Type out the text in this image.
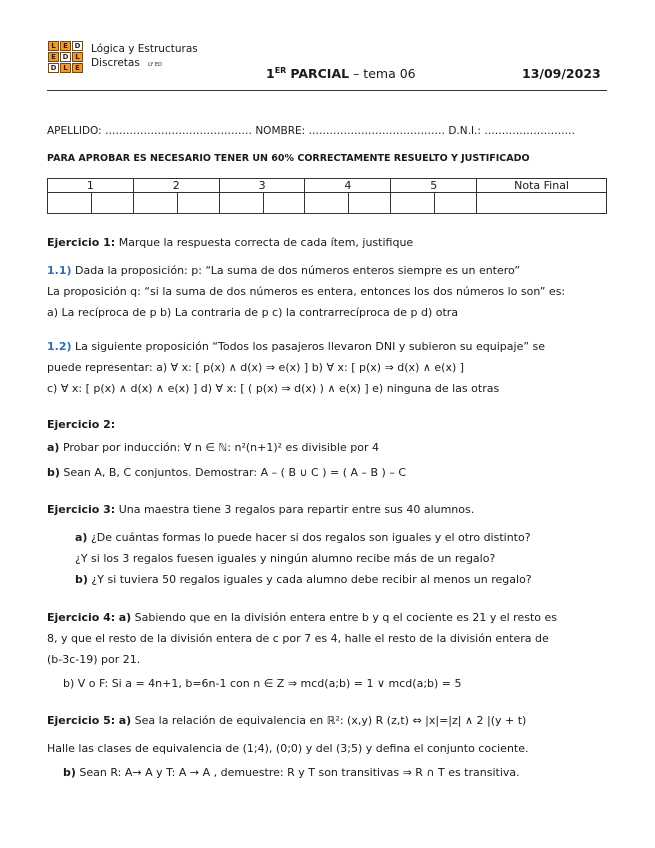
L	E D
E D L
D L	E
Lógica y Estructuras
Discretas LY ED
1ER PARCIAL – tema 06	13/09/2023
APELLIDO: …………………………………… NOMBRE: ………………………………… D.N.I.: ……………….…….
PARA APROBAR ES NECESARIO TENER UN 60% CORRECTAMENTE RESUELTO Y JUSTIFICADO
1		2		3		4		5		Nota Final

Ejercicio 1: Marque la respuesta correcta de cada ítem, justifique
1.1) Dada la proposición: p: “La suma de dos números enteros siempre es un entero”
La proposición q: “si la suma de dos números es entera, entonces los dos números lo son” es:
a) La recíproca de p b) La contraria de p c) la contrarrecíproca de p d) otra
1.2) La siguiente proposición “Todos los pasajeros llevaron DNI y subieron su equipaje” se
puede representar: a) ∀ x: [ p(x) ∧ d(x) ⇒ e(x) ] b) ∀ x: [ p(x) ⇒ d(x) ∧ e(x) ]
c) ∀ x: [ p(x) ∧ d(x) ∧ e(x) ] d) ∀ x: [ ( p(x) ⇒ d(x) ) ∧ e(x) ] e) ninguna de las otras
Ejercicio 2:
a) Probar por inducción: ∀ n ∈ ℕ: n²(n+1)² es divisible por 4
b) Sean A, B, C conjuntos. Demostrar: A – ( B ∪ C ) = ( A – B ) – C
Ejercicio 3: Una maestra tiene 3 regalos para repartir entre sus 40 alumnos.
a) ¿De cuántas formas lo puede hacer si dos regalos son iguales y el otro distinto?
¿Y si los 3 regalos fuesen iguales y ningún alumno recibe más de un regalo?
b) ¿Y si tuviera 50 regalos iguales y cada alumno debe recibir al menos un regalo?
Ejercicio 4: a) Sabiendo que en la división entera entre b y q el cociente es 21 y el resto es
8, y que el resto de la división entera de c por 7 es 4, halle el resto de la división entera de
(b-3c-19) por 21.
b) V o F: Si a = 4n+1, b=6n-1 con n ∈ Z ⇒ mcd(a;b) = 1 ∨ mcd(a;b) = 5
Ejercicio 5: a) Sea la relación de equivalencia en ℝ²: (x,y) R (z,t) ⇔ |x|=|z| ∧ 2 |(y + t)
Halle las clases de equivalencia de (1;4), (0;0) y del (3;5) y defina el conjunto cociente.
b) Sean R: A→ A y T: A → A , demuestre: R y T son transitivas ⇒ R ∩ T es transitiva.
